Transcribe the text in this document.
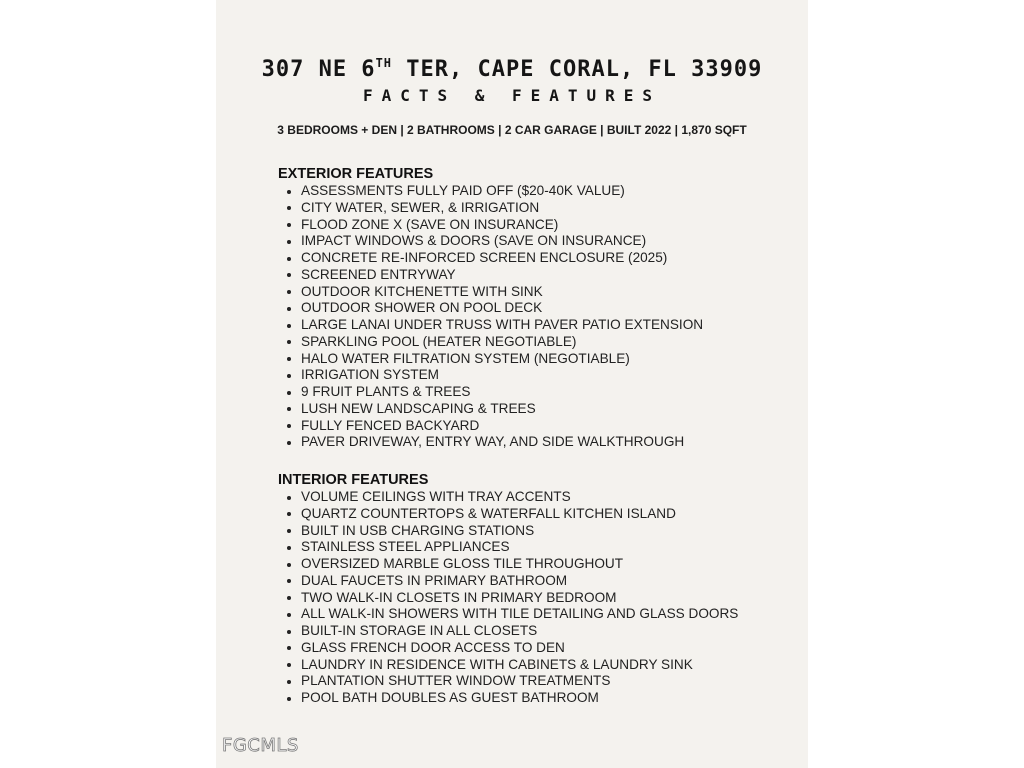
307 NE 6TH TER, CAPE CORAL, FL 33909
FACTS & FEATURES
3 BEDROOMS + DEN | 2 BATHROOMS | 2 CAR GARAGE | BUILT 2022 | 1,870 SQFT
EXTERIOR FEATURES
ASSESSMENTS FULLY PAID OFF ($20-40K VALUE)
CITY WATER, SEWER, & IRRIGATION
FLOOD ZONE X (SAVE ON INSURANCE)
IMPACT WINDOWS & DOORS (SAVE ON INSURANCE)
CONCRETE RE-INFORCED SCREEN ENCLOSURE (2025)
SCREENED ENTRYWAY
OUTDOOR KITCHENETTE WITH SINK
OUTDOOR SHOWER ON POOL DECK
LARGE LANAI UNDER TRUSS WITH PAVER PATIO EXTENSION
SPARKLING POOL (HEATER NEGOTIABLE)
HALO WATER FILTRATION SYSTEM (NEGOTIABLE)
IRRIGATION SYSTEM
9 FRUIT PLANTS & TREES
LUSH NEW LANDSCAPING & TREES
FULLY FENCED BACKYARD
PAVER DRIVEWAY, ENTRY WAY, AND SIDE WALKTHROUGH
INTERIOR FEATURES
VOLUME CEILINGS WITH TRAY ACCENTS
QUARTZ COUNTERTOPS & WATERFALL KITCHEN ISLAND
BUILT IN USB CHARGING STATIONS
STAINLESS STEEL APPLIANCES
OVERSIZED MARBLE GLOSS TILE THROUGHOUT
DUAL FAUCETS IN PRIMARY BATHROOM
TWO WALK-IN CLOSETS IN PRIMARY BEDROOM
ALL WALK-IN SHOWERS WITH TILE DETAILING AND GLASS DOORS
BUILT-IN STORAGE IN ALL CLOSETS
GLASS FRENCH DOOR ACCESS TO DEN
LAUNDRY IN RESIDENCE WITH CABINETS & LAUNDRY SINK
PLANTATION SHUTTER WINDOW TREATMENTS
POOL BATH DOUBLES AS GUEST BATHROOM
FGCMLS
